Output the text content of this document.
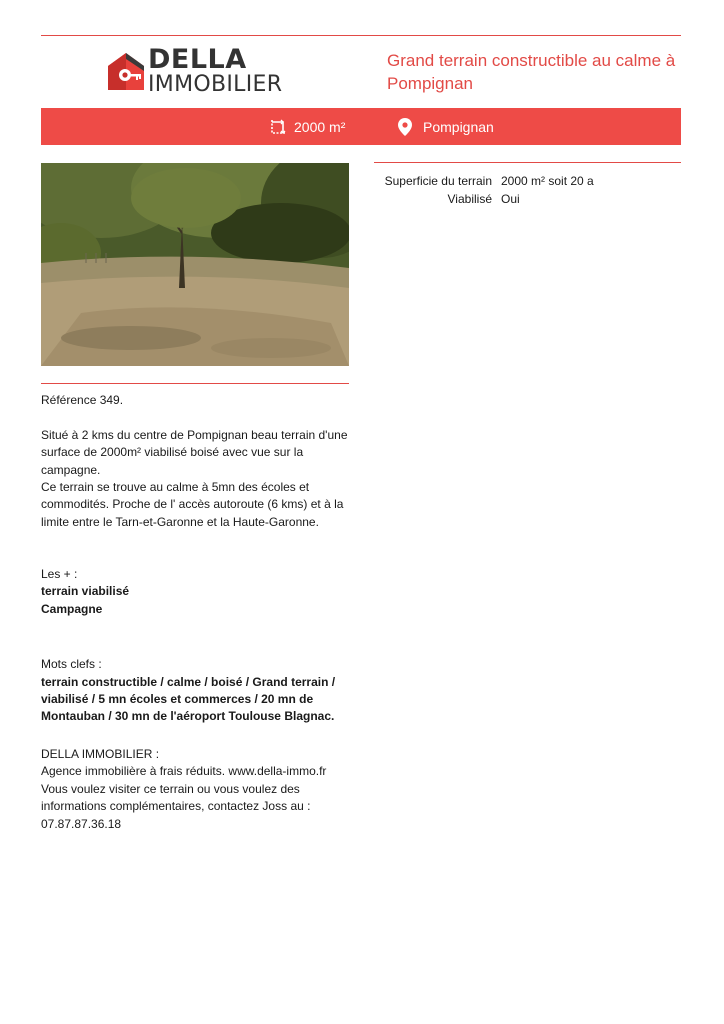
DELLA
IMMOBILIER
Grand terrain constructible au calme à Pompignan
2000 m²	Pompignan
Superficie du terrain 2000 m² soit 20 a
Viabilisé Oui

Référence 349.

Situé à 2 kms du centre de Pompignan beau terrain d'une surface de 2000m² viabilisé boisé avec vue sur la campagne.

Ce terrain se trouve au calme à 5mn des écoles et commodités. Proche de l' accès autoroute (6 kms) et à la limite entre le Tarn-et-Garonne et la Haute-Garonne.

Les + :

terrain viabilisé

Campagne

Mots clefs :

terrain constructible / calme / boisé / Grand terrain / viabilisé / 5 mn écoles et commerces / 20 mn de Montauban / 30 mn de l'aéroport Toulouse Blagnac.

DELLA IMMOBILIER :

Agence immobilière à frais réduits. www.della-immo.fr

Vous voulez visiter ce terrain ou vous voulez des informations complémentaires, contactez Joss au :

07.87.87.36.18
